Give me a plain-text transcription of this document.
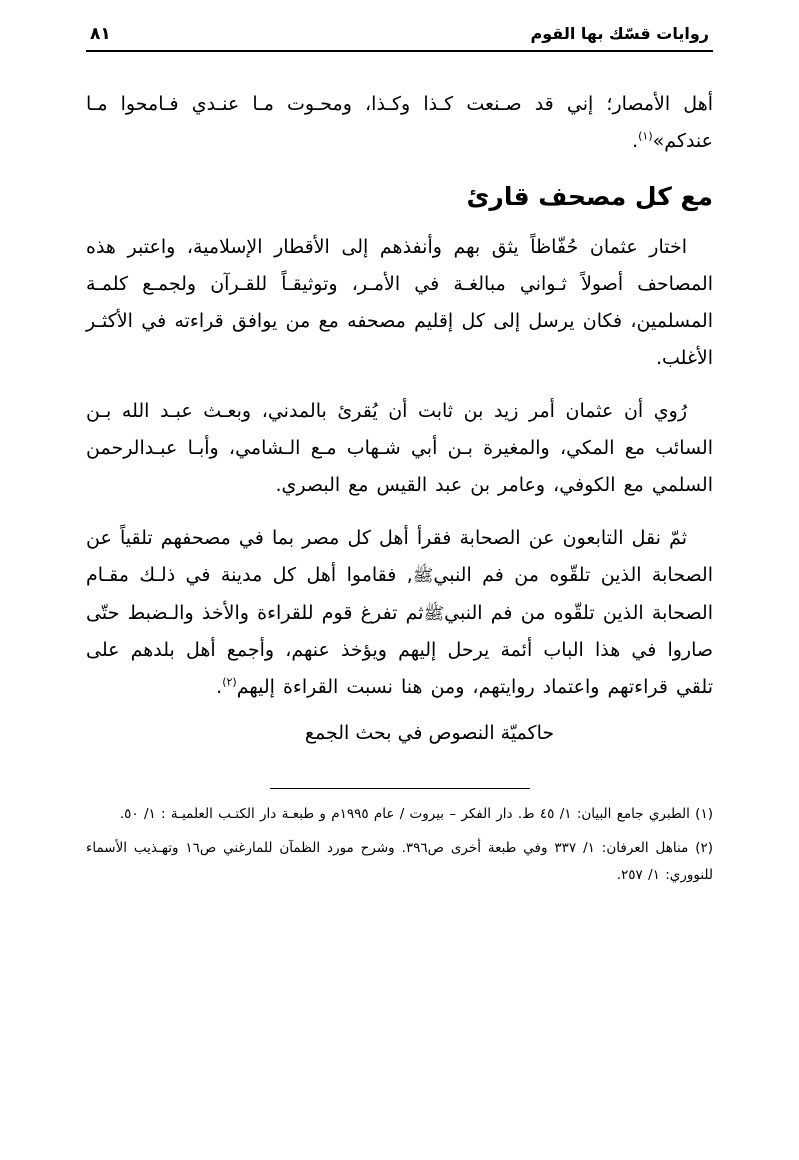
٨١	روايات قسّك بها القوم

أهل الأمصار؛ إني قد صـنعت كـذا وكـذا، ومحـوت مـا عنـدي فـامحوا مـا عندكم»$^{(١)}$.

مع كل مصحف قارئ

اختار عثمان حُفّاظاً يثق بهم وأنفذهم إلى الأقطار الإسلامية، واعتبر هذه المصاحف أصولاً ثـواني مبالغـة في الأمـر، وتوثيقـاً للقـرآن ولجمـع كلمـة المسلمين، فكان يرسل إلى كل إقليم مصحفه مع من يوافق قراءته في الأكثـر الأغلب.

رُوي أن عثمان أمر زيد بن ثابت أن يُقرئ بالمدني، وبعـث عبـد الله بـن السائب مع المكي، والمغيرة بـن أبي شـهاب مـع الـشامي، وأبـا عبـدالرحمن السلمي مع الكوفي، وعامر بن عبد القيس مع البصري.

ثمّ نقل التابعون عن الصحابة فقرأ أهل كل مصر بما في مصحفهم تلقياً عن الصحابة الذين تلقّوه من فم النبيﷺ, فقاموا أهل كل مدينة في ذلـك مقـام الصحابة الذين تلقّوه من فم النبيﷺثم تفرغ قوم للقراءة والأخذ والـضبط حتّى صاروا في هذا الباب أئمة يرحل إليهم ويؤخذ عنهم، وأجمع أهل بلدهم على تلقي قراءتهم واعتماد روايتهم، ومن هنا نسبت القراءة إليهم$^{(٢)}$.

حاكميّة النصوص في بحث الجمع

(١) الطبري جامع البيان: ١/ ٤٥ ط. دار الفكر – بيروت / عام ١٩٩٥م و طبعـة دار الكتـب العلميـة : ١/ ٥٠.

(٢) مناهل العرفان: ١/ ٣٣٧ وفي طبعة أخرى ص٣٩٦. وشرح مورد الظمآن للمارغني ص١٦ وتهـذيب الأسماء للنووري: ١/ ٢٥٧.
